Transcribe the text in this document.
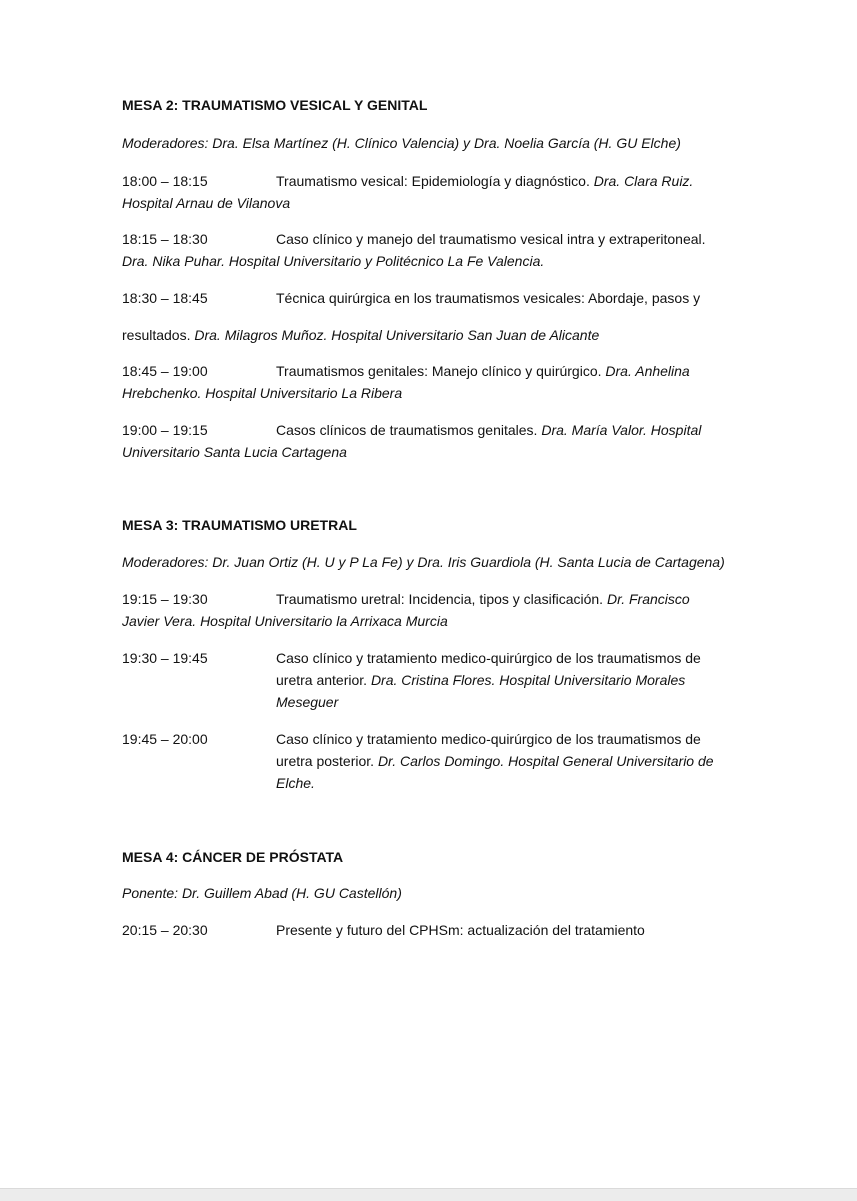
MESA 2: TRAUMATISMO VESICAL Y GENITAL
Moderadores: Dra. Elsa Martínez (H. Clínico Valencia) y Dra. Noelia García (H. GU Elche)
18:00 – 18:15	Traumatismo vesical: Epidemiología y diagnóstico. Dra. Clara Ruiz.
Hospital Arnau de Vilanova
18:15 – 18:30	Caso clínico y manejo del traumatismo vesical intra y extraperitoneal.
Dra. Nika Puhar. Hospital Universitario y Politécnico La Fe Valencia.
18:30 – 18:45	Técnica quirúrgica en los traumatismos vesicales: Abordaje, pasos y
resultados. Dra. Milagros Muñoz. Hospital Universitario San Juan de Alicante
18:45 – 19:00	Traumatismos genitales: Manejo clínico y quirúrgico. Dra. Anhelina
Hrebchenko. Hospital Universitario La Ribera
19:00 – 19:15	Casos clínicos de traumatismos genitales. Dra. María Valor. Hospital
Universitario Santa Lucia Cartagena
MESA 3: TRAUMATISMO URETRAL
Moderadores: Dr. Juan Ortiz (H. U y P La Fe) y Dra. Iris Guardiola (H. Santa Lucia de Cartagena)
19:15 – 19:30	Traumatismo uretral: Incidencia, tipos y clasificación. Dr. Francisco
Javier Vera. Hospital Universitario la Arrixaca Murcia
19:30 – 19:45	Caso clínico y tratamiento medico-quirúrgico de los traumatismos de
uretra anterior. Dra. Cristina Flores. Hospital Universitario Morales
Meseguer
19:45 – 20:00	Caso clínico y tratamiento medico-quirúrgico de los traumatismos de
uretra posterior. Dr. Carlos Domingo. Hospital General Universitario de
Elche.
MESA 4: CÁNCER DE PRÓSTATA
Ponente: Dr. Guillem Abad (H. GU Castellón)
20:15 – 20:30	Presente y futuro del CPHSm: actualización del tratamiento
